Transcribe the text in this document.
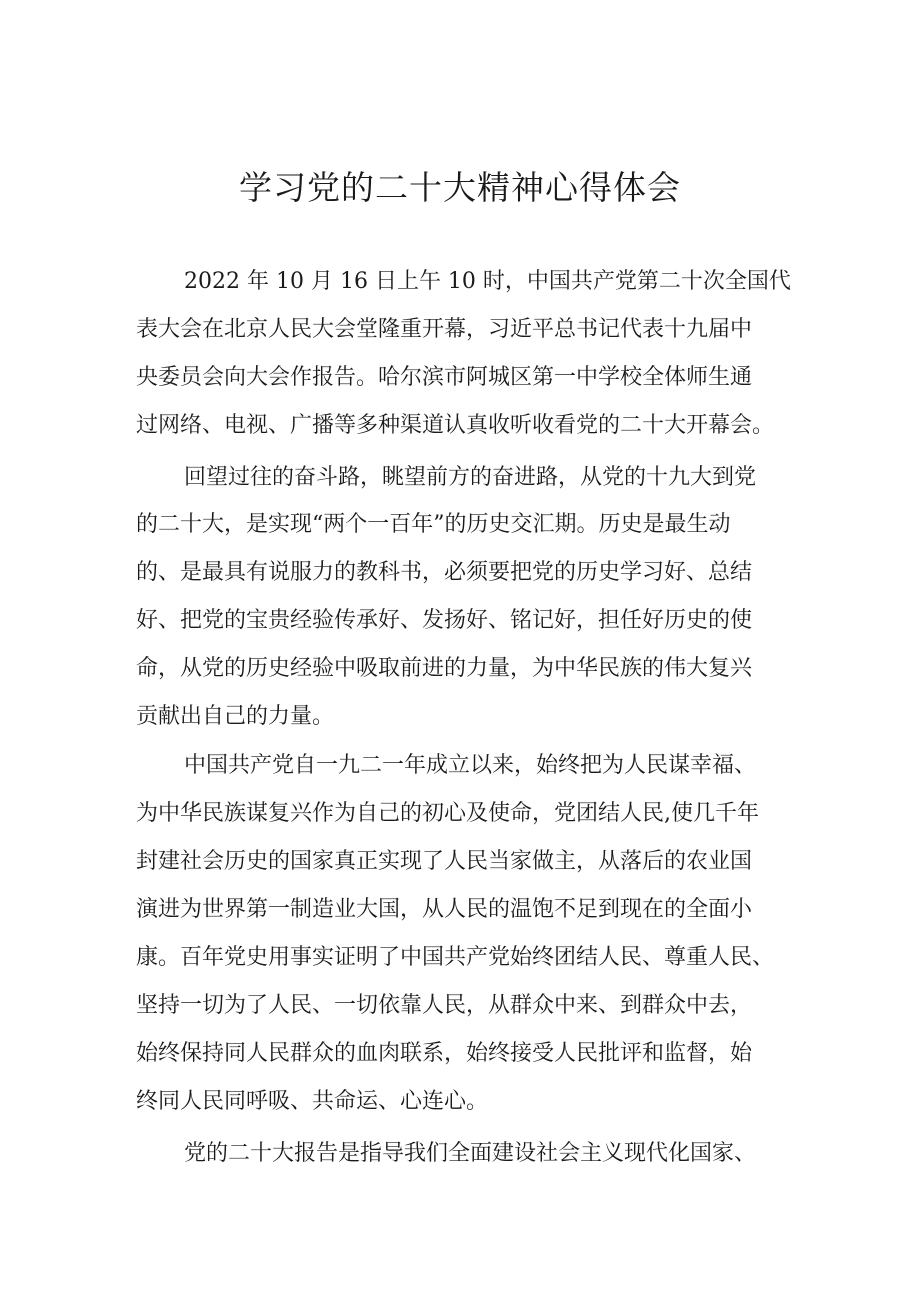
学习党的二十大精神心得体会

2022 年 10 月 16 日上午 10 时，中国共产党第二十次全国代

表大会在北京人民大会堂隆重开幕，习近平总书记代表十九届中

央委员会向大会作报告。哈尔滨市阿城区第一中学校全体师生通

过网络、电视、广播等多种渠道认真收听收看党的二十大开幕会。

回望过往的奋斗路，眺望前方的奋进路，从党的十九大到党

的二十大，是实现“两个一百年”的历史交汇期。历史是最生动

的、是最具有说服力的教科书，必须要把党的历史学习好、总结

好、把党的宝贵经验传承好、发扬好、铭记好，担任好历史的使

命，从党的历史经验中吸取前进的力量，为中华民族的伟大复兴

贡献出自己的力量。

中国共产党自一九二一年成立以来，始终把为人民谋幸福、

为中华民族谋复兴作为自己的初心及使命，党团结人民,使几千年

封建社会历史的国家真正实现了人民当家做主，从落后的农业国

演进为世界第一制造业大国，从人民的温饱不足到现在的全面小

康。百年党史用事实证明了中国共产党始终团结人民、尊重人民、

坚持一切为了人民、一切依靠人民，从群众中来、到群众中去，

始终保持同人民群众的血肉联系，始终接受人民批评和监督，始

终同人民同呼吸、共命运、心连心。

党的二十大报告是指导我们全面建设社会主义现代化国家、
